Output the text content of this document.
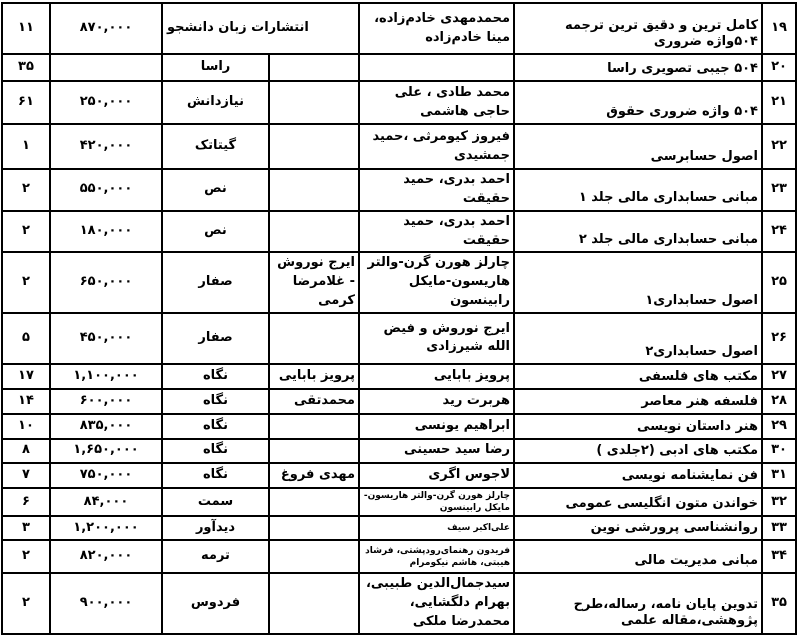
۱۹	کامل ترین و دقیق ترین ترجمه ۵۰۴واژه ضروری	محمدمهدی خادم‌زاده، مینا خادم‌زاده	انتشارات زبان دانشجو		۸۷۰,۰۰۰	۱۱
۲۰	۵۰۴ جیبی تصویری راسا			راسا		۳۵
۲۱	۵۰۴ واژه ضروری حقوق	محمد طادی ، علی حاجی هاشمی		نیازدانش	۲۵۰,۰۰۰	۶۱
۲۲	اصول حسابرسی	فیروز کیومرثی ،حمید جمشیدی		گیتاتک	۴۲۰,۰۰۰	۱
۲۳	مبانی حسابداری مالی جلد ۱	احمد بدری، حمید حقیقت		نص	۵۵۰,۰۰۰	۲
۲۴	مبانی حسابداری مالی جلد ۲	احمد بدری، حمید حقیقت		نص	۱۸۰,۰۰۰	۲
۲۵	اصول حسابداری۱	چارلز هورن گرن-والتر هاریسون-مایکل رابینسون	ایرج نوروش - غلامرضا کرمی	صفار	۶۵۰,۰۰۰	۲
۲۶	اصول حسابداری۲	ایرج نوروش و فیض الله شیرزادی		صفار	۴۵۰,۰۰۰	۵
۲۷	مکتب های فلسفی	پرویز بابایی	پرویز بابایی	نگاه	۱,۱۰۰,۰۰۰	۱۷
۲۸	فلسفه هنر معاصر	هربرت رید	محمدتقی	نگاه	۶۰۰,۰۰۰	۱۴
۲۹	هنر داستان نویسی	ابراهیم یونسی		نگاه	۸۳۵,۰۰۰	۱۰
۳۰	مکتب های ادبی (۲جلدی )	رضا سید حسینی		نگاه	۱,۶۵۰,۰۰۰	۸
۳۱	فن نمایشنامه نویسی	لاجوس اگری	مهدی فروغ	نگاه	۷۵۰,۰۰۰	۷
۳۲	خواندن متون انگلیسی عمومی	چارلز هورن گرن-والتر هاریسون-مایکل رابینسون		سمت	۸۴,۰۰۰	۶
۳۳	روانشناسی پرورشی نوین	علی‌اکبر سیف		دیدآور	۱,۲۰۰,۰۰۰	۳
۳۴	مبانی مدیریت مالی	فریدون رهنمای‌رودپشتی، فرشاد هیبتی، هاشم نیکومرام		ترمه	۸۲۰,۰۰۰	۲
۳۵	تدوین پایان نامه، رساله،طرح پژوهشی،مقاله علمی	سیدجمال‌الدین طبیبی، بهرام دلگشایی، محمدرضا ملکی		فردوس	۹۰۰,۰۰۰	۲
